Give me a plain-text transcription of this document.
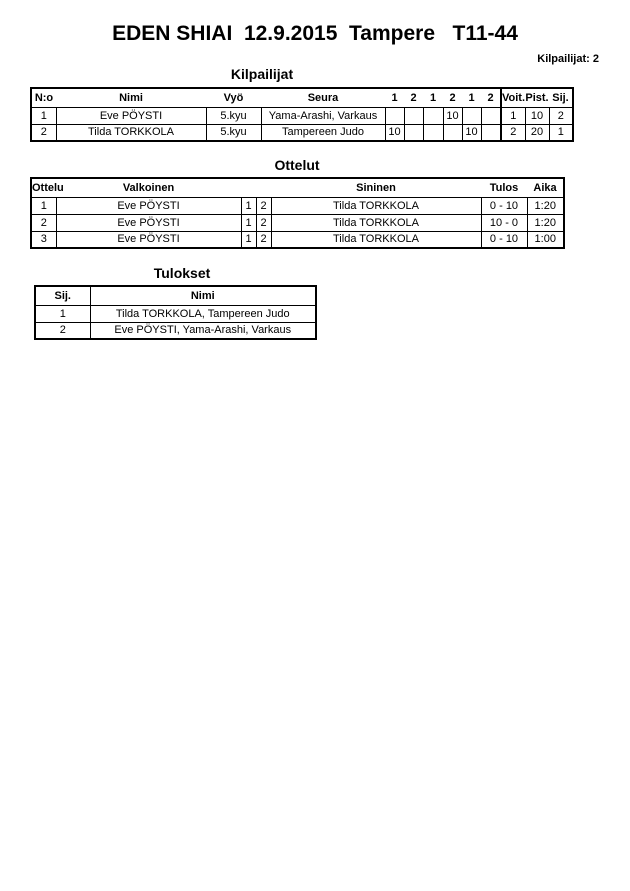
EDEN SHIAI  12.9.2015  Tampere   T11-44
Kilpailijat: 2
Kilpailijat
N:o	Nimi	Vyö	Seura	1	2	1	2	1	2	Voit.	Pist.	Sij.
1	Eve PÖYSTI	5.kyu	Yama-Arashi, Varkaus				10			1	10	2
2	Tilda TORKKOLA	5.kyu	Tampereen Judo	10				10		2	20	1
Ottelut
Ottelu	Valkoinen			Sininen	Tulos	Aika
1	Eve PÖYSTI	1	2	Tilda TORKKOLA	0 - 10	1:20
2	Eve PÖYSTI	1	2	Tilda TORKKOLA	10 - 0	1:20
3	Eve PÖYSTI	1	2	Tilda TORKKOLA	0 - 10	1:00
Tulokset
Sij.	Nimi
1	Tilda TORKKOLA, Tampereen Judo
2	Eve PÖYSTI, Yama-Arashi, Varkaus
